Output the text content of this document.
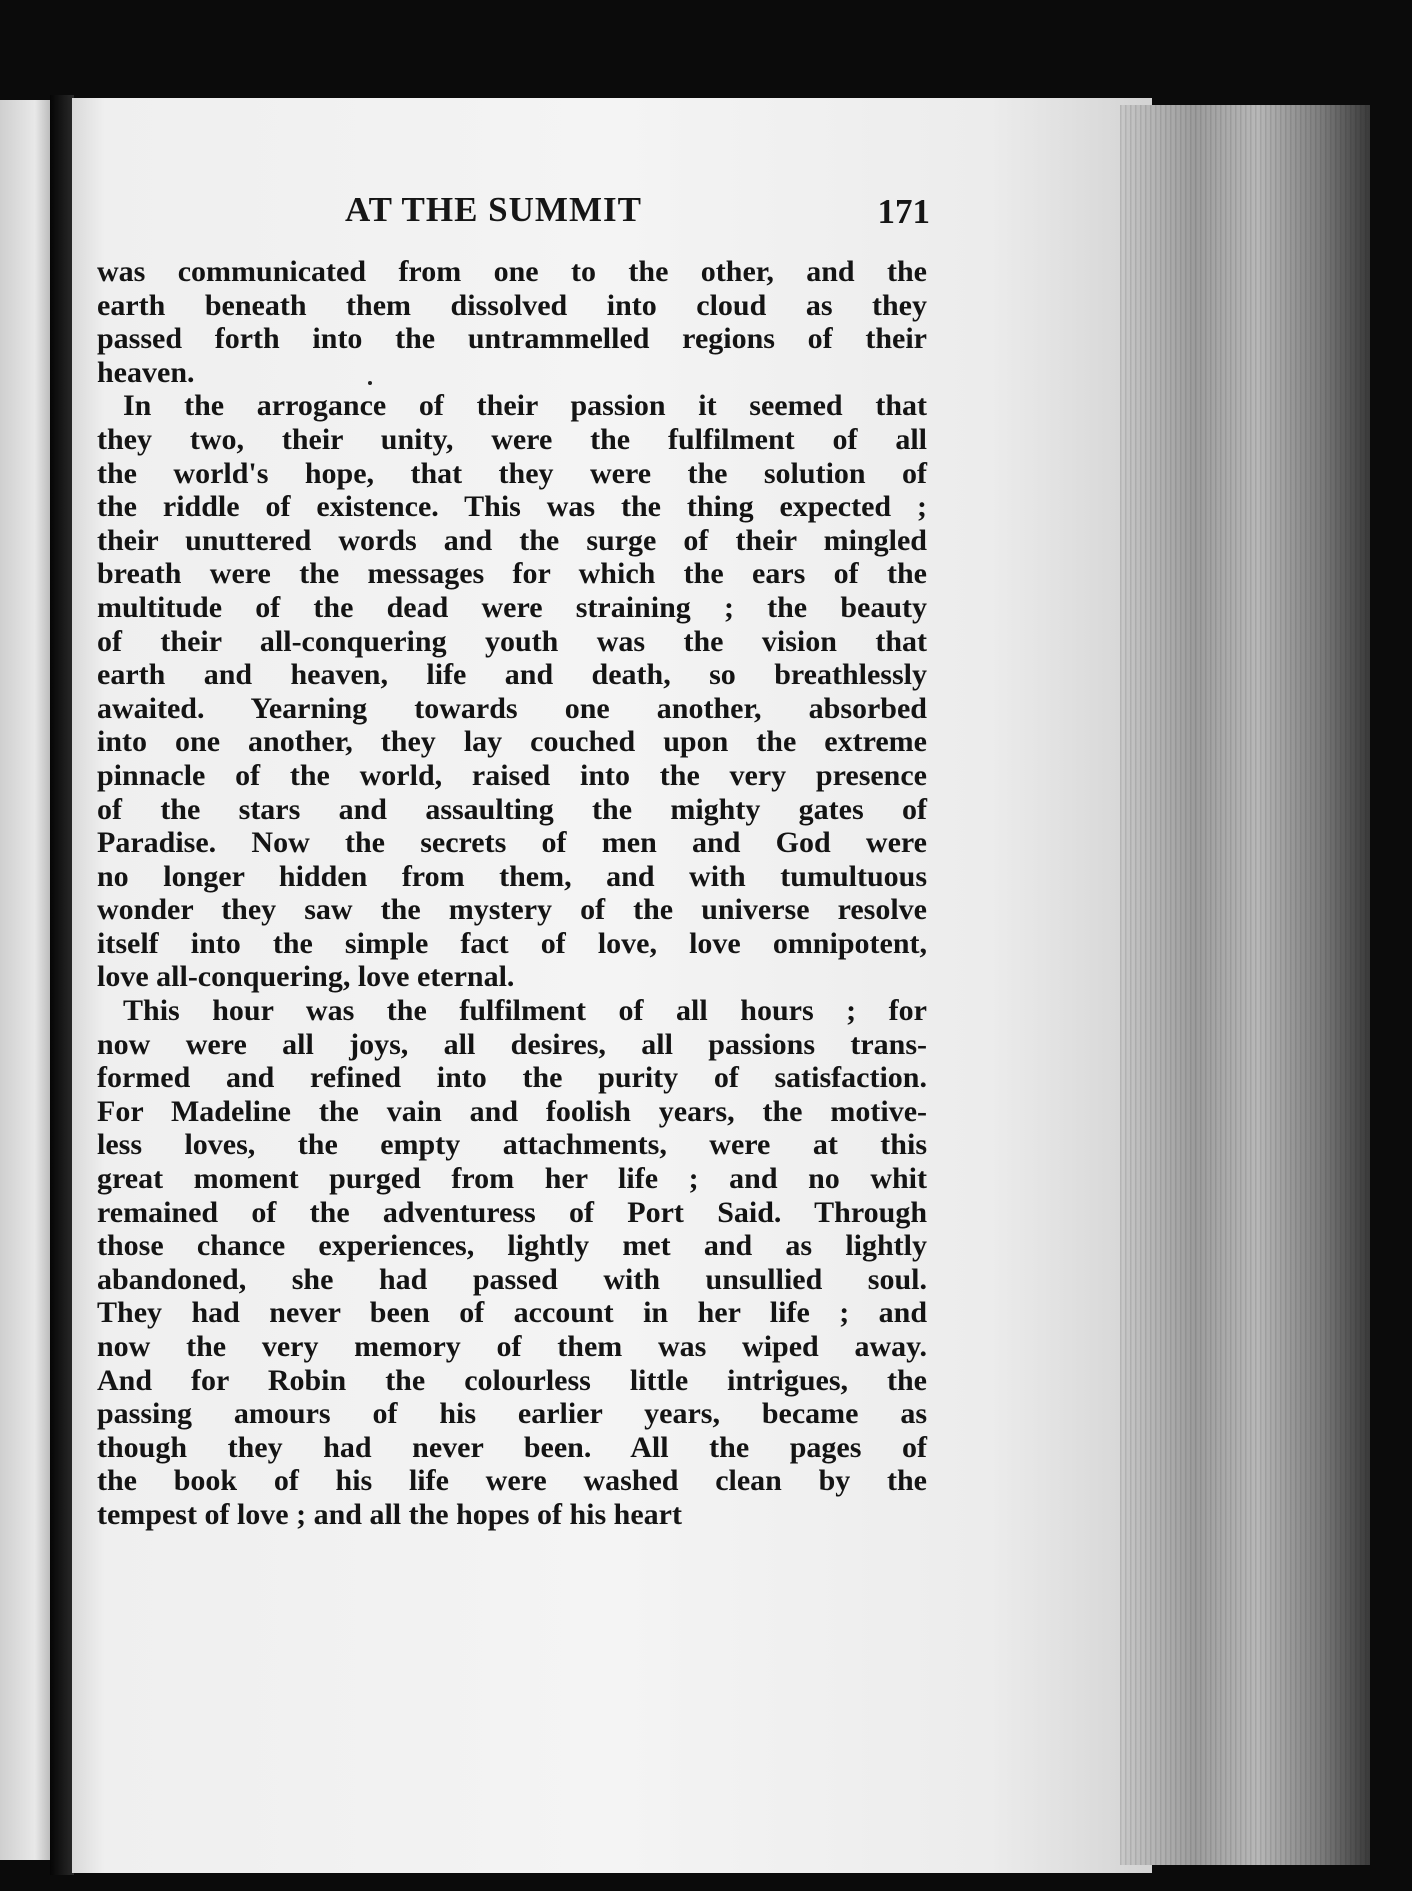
AT THE SUMMIT	171
was communicated from one to the other, and the
earth beneath them dissolved into cloud as they
passed forth into the untrammelled regions of their
heaven.
In the arrogance of their passion it seemed that
they two, their unity, were the fulfilment of all
the world's hope, that they were the solution of
the riddle of existence. This was the thing expected ;
their unuttered words and the surge of their mingled
breath were the messages for which the ears of the
multitude of the dead were straining ; the beauty
of their all-conquering youth was the vision that
earth and heaven, life and death, so breathlessly
awaited. Yearning towards one another, absorbed
into one another, they lay couched upon the extreme
pinnacle of the world, raised into the very presence
of the stars and assaulting the mighty gates of
Paradise. Now the secrets of men and God were
no longer hidden from them, and with tumultuous
wonder they saw the mystery of the universe resolve
itself into the simple fact of love, love omnipotent,
love all-conquering, love eternal.
This hour was the fulfilment of all hours ; for
now were all joys, all desires, all passions trans-
formed and refined into the purity of satisfaction.
For Madeline the vain and foolish years, the motive-
less loves, the empty attachments, were at this
great moment purged from her life ; and no whit
remained of the adventuress of Port Said. Through
those chance experiences, lightly met and as lightly
abandoned, she had passed with unsullied soul.
They had never been of account in her life ; and
now the very memory of them was wiped away.
And for Robin the colourless little intrigues, the
passing amours of his earlier years, became as
though they had never been. All the pages of
the book of his life were washed clean by the
tempest of love ; and all the hopes of his heart
